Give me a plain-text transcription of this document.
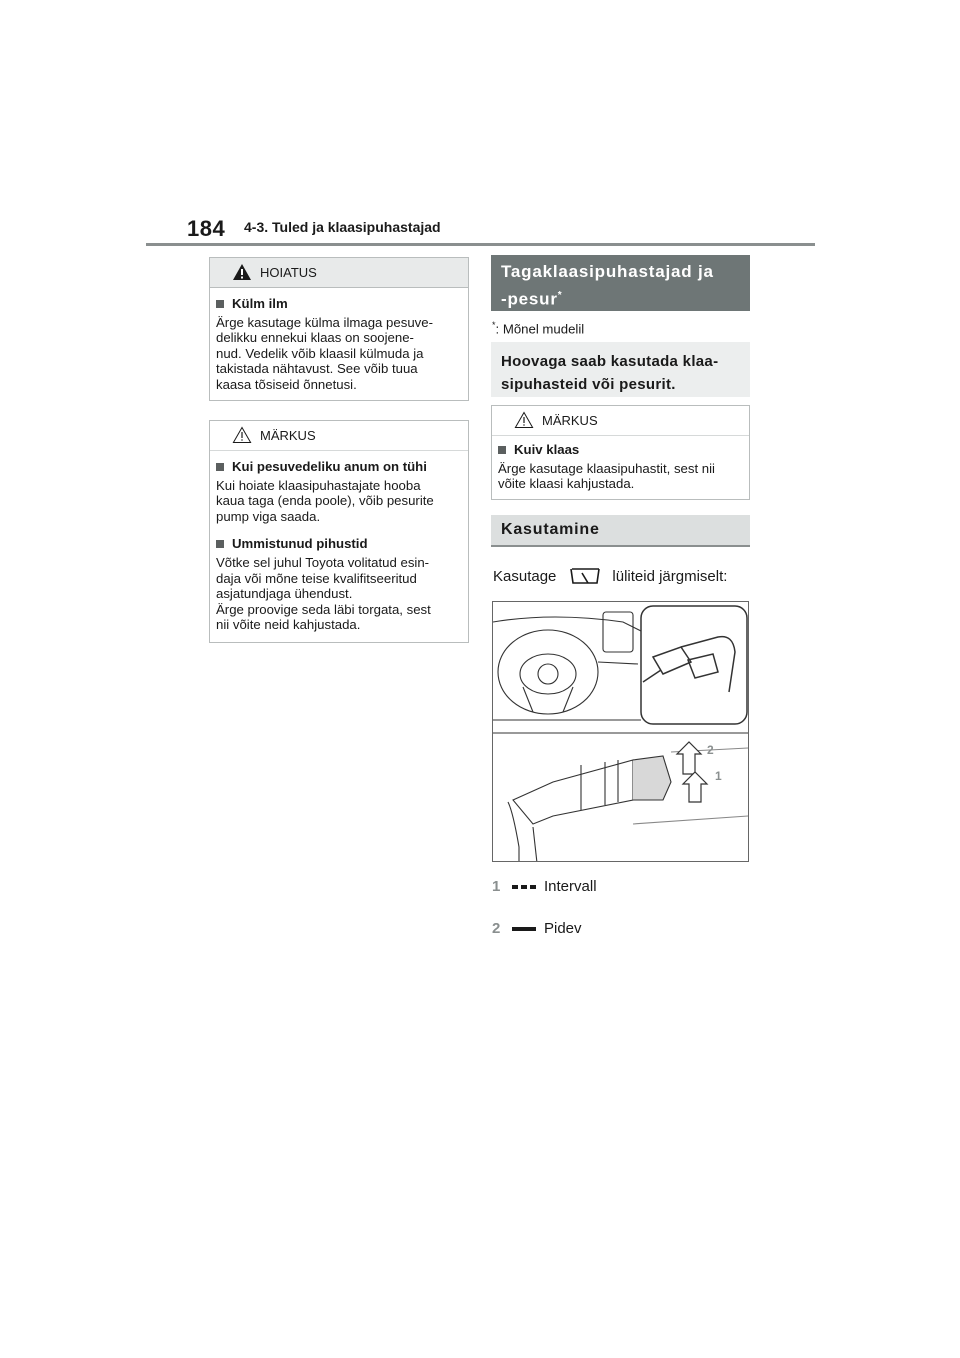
184 4-3. Tuled ja klaasipuhastajad
HOIATUS
Külm ilm
Ärge kasutage külma ilmaga pesuve-
delikku ennekui klaas on soojene-
nud. Vedelik võib klaasil külmuda ja
takistada nähtavust. See võib tuua
kaasa tõsiseid õnnetusi.
MÄRKUS
Kui pesuvedeliku anum on tühi
Kui hoiate klaasipuhastajate hooba
kaua taga (enda poole), võib pesurite
pump viga saada.
Ummistunud pihustid
Võtke sel juhul Toyota volitatud esin-
daja või mõne teise kvalifitseeritud
asjatundjaga ühendust.
Ärge proovige seda läbi torgata, sest
nii võite neid kahjustada.
Tagaklaasipuhastajad ja
-pesur*
*: Mõnel mudelil
Hoovaga saab kasutada klaa-
sipuhasteid või pesurit.
MÄRKUS
Kuiv klaas
Ärge kasutage klaasipuhastit, sest nii
võite klaasi kahjustada.
Kasutamine
Kasutage	lüliteid järgmiselt:
2
1
1	Intervall
2	Pidev
